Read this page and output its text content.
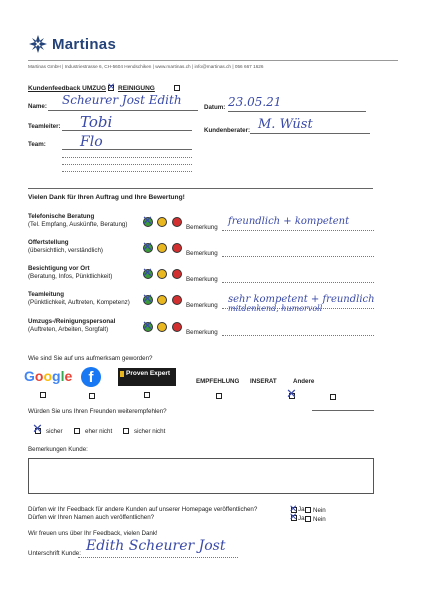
Martinas
Martinas GmbH | Industriestrasse 6, CH-5604 Hendschiken | www.martinas.ch | info@martinas.ch | 056 667 1626
Kundenfeedback UMZUG ✕ REINIGUNG
Name: Scheurer Jost Edith
Datum: 23.05.21
Teamleiter: Tobi	Kundenberater: M. Wüst
Team: Flo
Vielen Dank für Ihren Auftrag und Ihre Bewertung!
Telefonische Beratung
(Tel. Empfang, Auskünfte, Beratung) ✕	Bemerkung
freundlich + kompetent
Offertstellung
(übersichtlich, verständlich)	✕	Bemerkung
Besichtigung vor Ort
(Beratung, Infos, Pünktlichkeit) ✕	Bemerkung
Teamleitung
(Pünktlichkeit, Auftreten, Kompetenz) ✕	Bemerkung
sehr kompetent + freundlich
mitdenkend, humorvoll
Umzugs-/Reinigungspersonal
(Auftreten, Arbeiten, Sorgfalt)	✕	Bemerkung
Wie sind Sie auf uns aufmerksam geworden?
Google	f	Proven Expert
EMPFEHLUNG INSERAT
✕
Andere
Würden Sie uns Ihren Freunden weiterempfehlen?
✕ sicher	eher nicht	sicher nicht
Bemerkungen Kunde:
Dürfen wir Ihr Feedback für andere Kunden auf unserer Homepage veröffentlichen?
Dürfen wir Ihren Namen auch veröffentlichen?
✕ Ja Nein
✕ Ja Nein
Wir freuen uns über Ihr Feedback, vielen Dank!
Unterschrift Kunde: Edith Scheurer Jost
